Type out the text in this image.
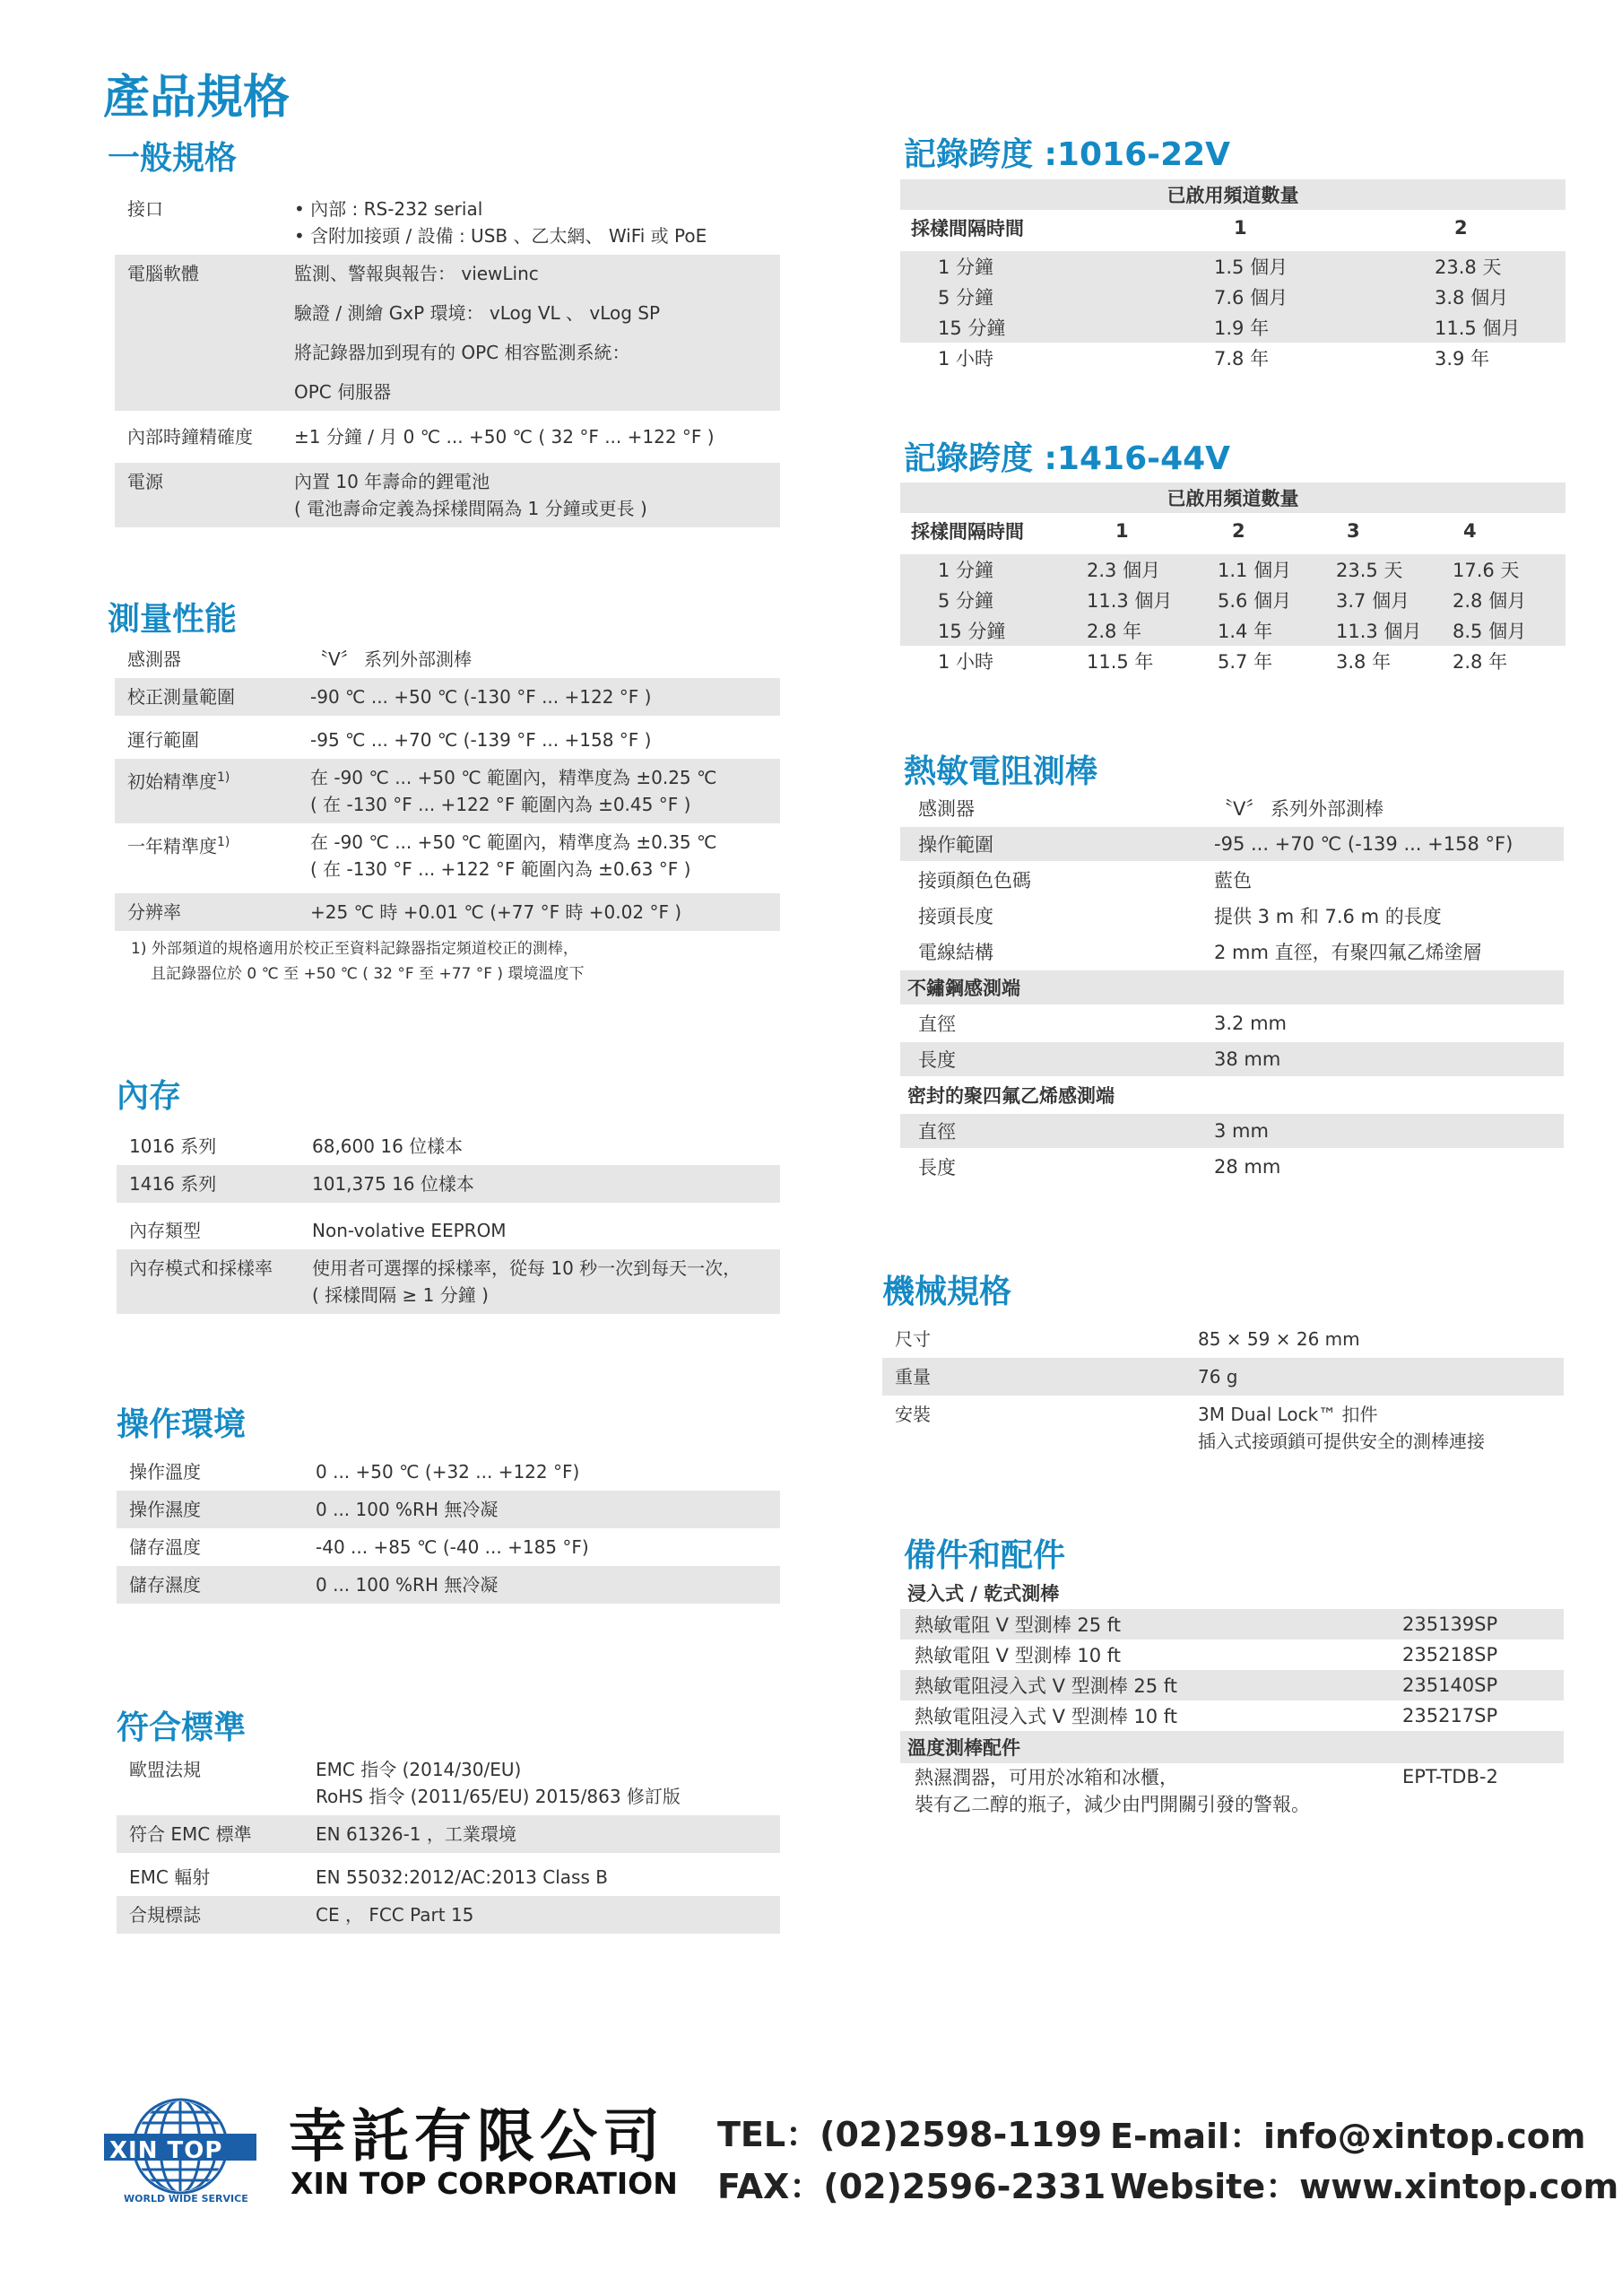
產品規格
一般規格
接口	• 內部 : RS-232 serial
• 含附加接頭 / 設備 : USB 、乙太網、 WiFi 或 PoE
電腦軟體	監測、警報與報告： viewLinc
驗證 / 測繪 GxP 環境： vLog VL 、 vLog SP
將記錄器加到現有的 OPC 相容監測系統：
OPC 伺服器
內部時鐘精確度	±1 分鐘 / 月 0 ℃ ... +50 ℃ ( 32 °F ... +122 °F )
電源	內置 10 年壽命的鋰電池
( 電池壽命定義為採樣間隔為 1 分鐘或更長 )
測量性能
感測器	〝V〞 系列外部測棒
校正測量範圍	-90 ℃ ... +50 ℃ (-130 °F ... +122 °F )
運行範圍	-95 ℃ ... +70 ℃ (-139 °F ... +158 °F )
初始精準度$^{1)}$	在 -90 ℃ ... +50 ℃ 範圍內，精準度為 ±0.25 ℃
( 在 -130 °F ... +122 °F 範圍內為 ±0.45 °F )
一年精準度$^{1)}$	在 -90 ℃ ... +50 ℃ 範圍內，精準度為 ±0.35 ℃
( 在 -130 °F ... +122 °F 範圍內為 ±0.63 °F )
分辨率	+25 ℃ 時 +0.01 ℃ (+77 °F 時 +0.02 °F )
1) 外部頻道的規格適用於校正至資料記錄器指定頻道校正的測棒，
且記錄器位於 0 ℃ 至 +50 ℃ ( 32 °F 至 +77 °F ) 環境溫度下
內存
1016 系列	68,600 16 位樣本
1416 系列	101,375 16 位樣本
內存類型	Non-volative EEPROM
內存模式和採樣率	使用者可選擇的採樣率，從每 10 秒一次到每天一次，
( 採樣間隔 ≥ 1 分鐘 )
操作環境
操作溫度	0 ... +50 ℃ (+32 ... +122 °F)
操作濕度	0 ... 100 %RH 無冷凝
儲存溫度	-40 ... +85 ℃ (-40 ... +185 °F)
儲存濕度	0 ... 100 %RH 無冷凝
符合標準
歐盟法規	EMC 指令 (2014/30/EU)
RoHS 指令 (2011/65/EU) 2015/863 修訂版
符合 EMC 標準	EN 61326-1 ，工業環境
EMC 輻射	EN 55032:2012/AC:2013 Class B
合規標誌	CE ， FCC Part 15
記錄跨度 :1016-22V
已啟用頻道數量
採樣間隔時間	1	2
1 分鐘	1.5 個月	23.8 天
5 分鐘	7.6 個月	3.8 個月
15 分鐘	1.9 年	11.5 個月
1 小時	7.8 年	3.9 年
記錄跨度 :1416-44V
已啟用頻道數量
採樣間隔時間	1	2	3	4
1 分鐘	2.3 個月	1.1 個月 23.5 天	17.6 天
5 分鐘	11.3 個月 5.6 個月 3.7 個月 2.8 個月
15 分鐘	2.8 年	1.4 年	11.3 個月 8.5 個月
1 小時	11.5 年	5.7 年	3.8 年	2.8 年
熱敏電阻測棒
感測器	〝V〞 系列外部測棒
操作範圍	-95 ... +70 ℃ (-139 ... +158 °F)
接頭顏色色碼	藍色
接頭長度	提供 3 m 和 7.6 m 的長度
電線結構	2 mm 直徑，有聚四氟乙烯塗層
不鏽鋼感測端
直徑	3.2 mm
長度	38 mm
密封的聚四氟乙烯感測端
直徑	3 mm
長度	28 mm
機械規格
尺寸	85 × 59 × 26 mm
重量	76 g
安裝	3M Dual Lock™ 扣件
插入式接頭鎖可提供安全的測棒連接
備件和配件
浸入式 / 乾式測棒
熱敏電阻 V 型測棒 25 ft	235139SP
熱敏電阻 V 型測棒 10 ft	235218SP
熱敏電阻浸入式 V 型測棒 25 ft	235140SP
熱敏電阻浸入式 V 型測棒 10 ft	235217SP
溫度測棒配件
熱濕潤器，可用於冰箱和冰櫃，	EPT-TDB-2
裝有乙二醇的瓶子，減少由門開關引發的警報。
XIN TOP
WORLD WIDE SERVICE
幸託有限公司
XIN TOP CORPORATION
TEL：(02)2598-1199
FAX：(02)2596-2331
E-mail：info@xintop.com
Website：www.xintop.com
